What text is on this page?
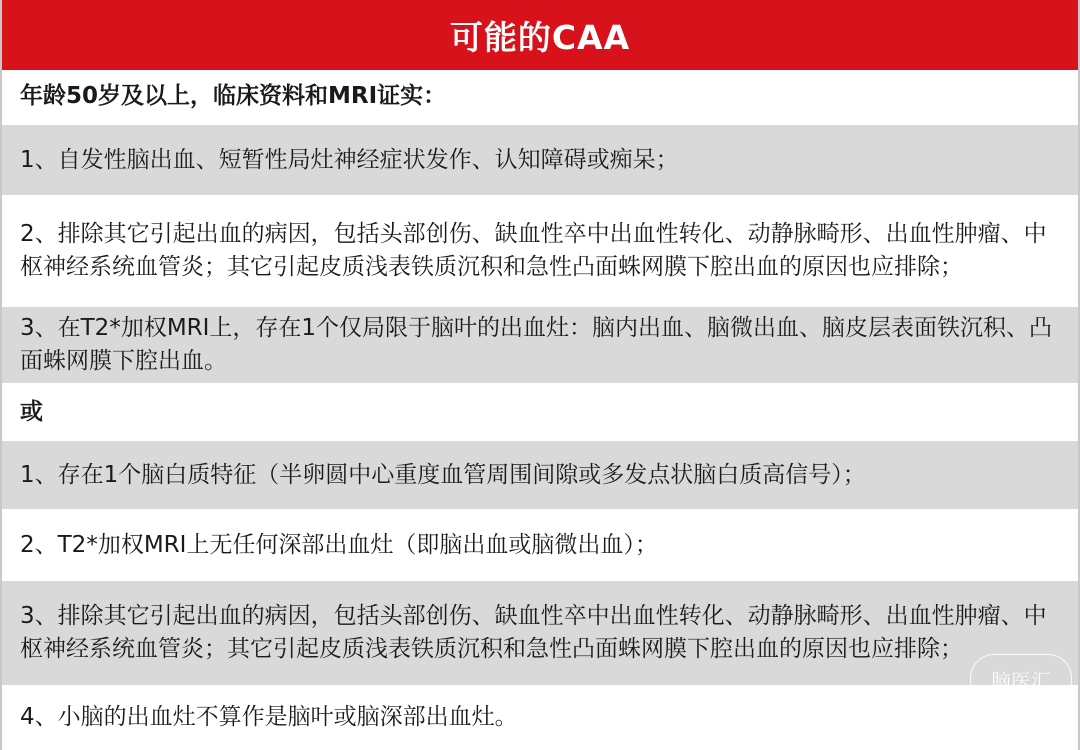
可能的CAA
年龄50岁及以上，临床资料和MRI证实：
1、自发性脑出血、短暂性局灶神经症状发作、认知障碍或痴呆；
2、排除其它引起出血的病因，包括头部创伤、缺血性卒中出血性转化、动静脉畸形、出血性肿瘤、中枢神经系统血管炎；其它引起皮质浅表铁质沉积和急性凸面蛛网膜下腔出血的原因也应排除；
3、在T2*加权MRI上，存在1个仅局限于脑叶的出血灶：脑内出血、脑微出血、脑皮层表面铁沉积、凸面蛛网膜下腔出血。
或
1、存在1个脑白质特征（半卵圆中心重度血管周围间隙或多发点状脑白质高信号）；
2、T2*加权MRI上无任何深部出血灶（即脑出血或脑微出血）；
3、排除其它引起出血的病因，包括头部创伤、缺血性卒中出血性转化、动静脉畸形、出血性肿瘤、中枢神经系统血管炎；其它引起皮质浅表铁质沉积和急性凸面蛛网膜下腔出血的原因也应排除；
4、小脑的出血灶不算作是脑叶或脑深部出血灶。
脑医汇
